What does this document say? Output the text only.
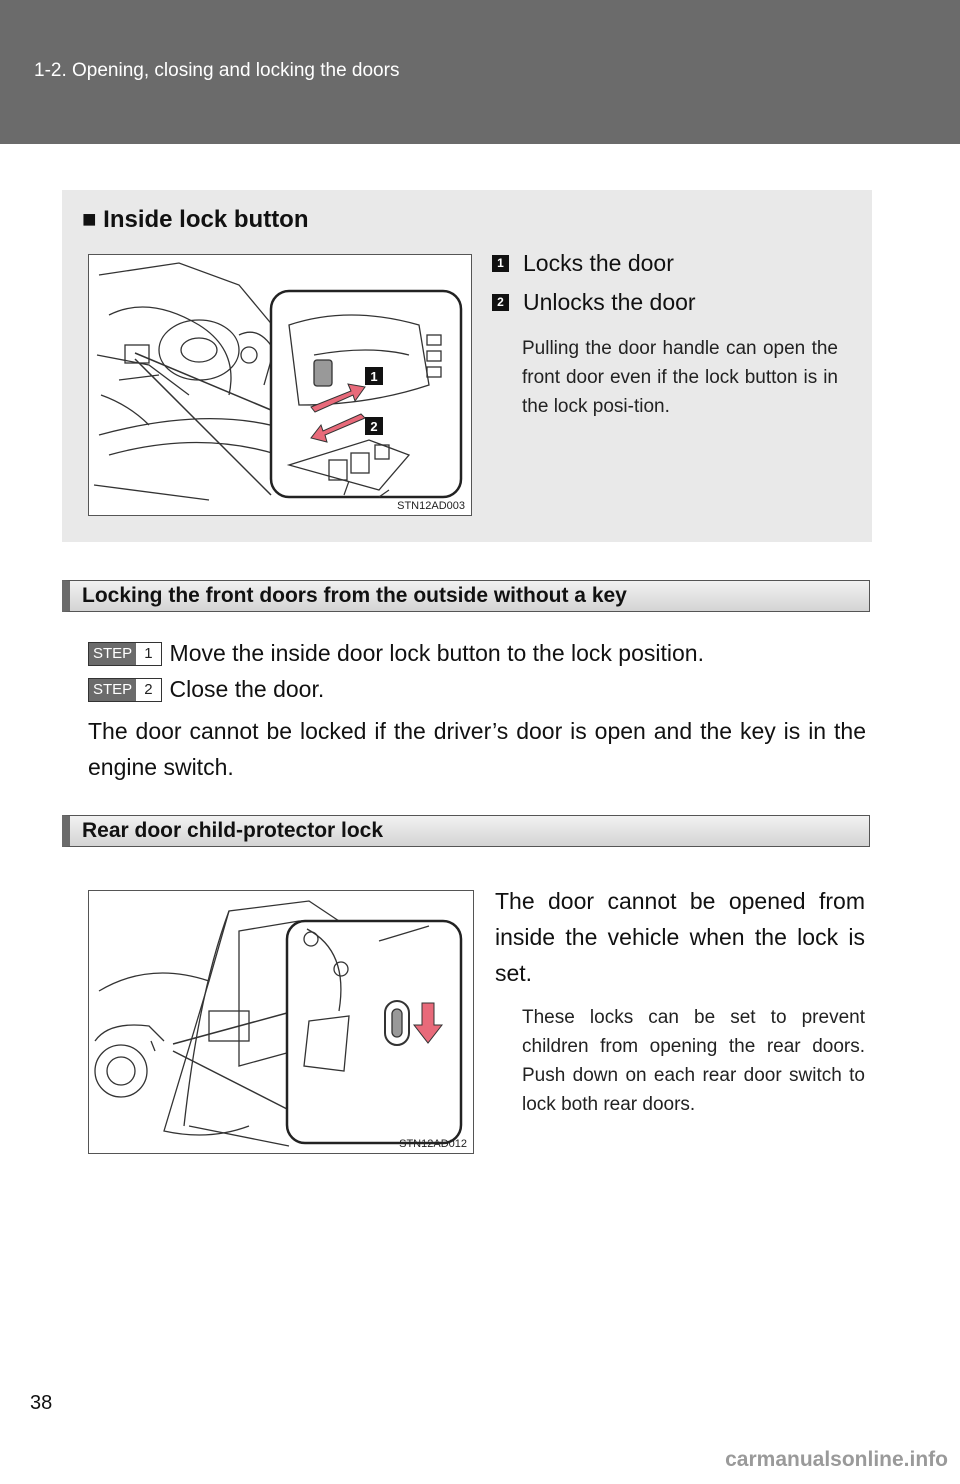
1-2. Opening, closing and locking the doors
■ Inside lock button
1
2
STN12AD003
1 Locks the door
2 Unlocks the door
Pulling the door handle can open the front door even if the lock button is in the lock posi-tion.
Locking the front doors from the outside without a key
STEP 1 Move the inside door lock button to the lock position.
STEP 2 Close the door.
The door cannot be locked if the driver’s door is open and the key is in the engine switch.
Rear door child-protector lock
STN12AD012
The door cannot be opened from inside the vehicle when the lock is set.
These locks can be set to prevent children from opening the rear doors. Push down on each rear door switch to lock both rear doors.
38
carmanualsonline.info
